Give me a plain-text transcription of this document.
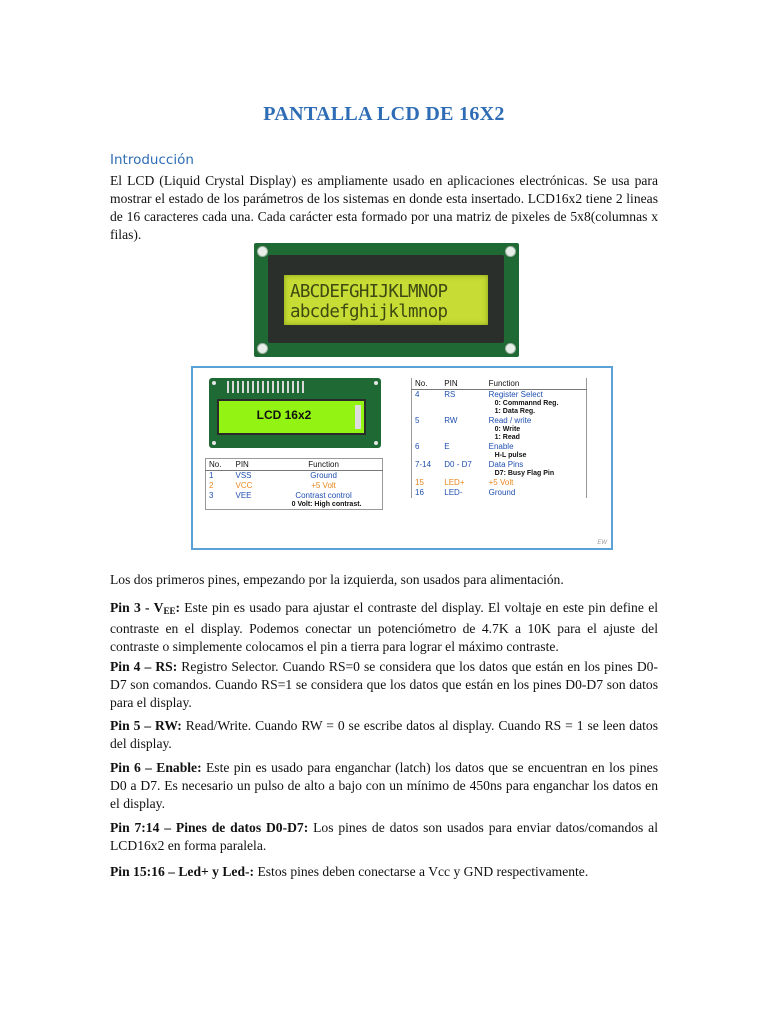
PANTALLA LCD DE 16X2
Introducción

El LCD (Liquid Crystal Display) es ampliamente usado en aplicaciones electrónicas. Se usa para mostrar el estado de los parámetros de los sistemas en donde esta insertado. LCD16x2 tiene 2 lineas de 16 caracteres cada una. Cada carácter esta formado por una matriz de pixeles de 5x8(columnas x filas).

ABCDEFGHIJKLMNOP
abcdefghijklmnop
LCD 16x2
No.	PIN	Function
1	VSS	Ground
2	VCC	+5 Volt
3	VEE	Contrast control
0 Volt: High contrast.
No.	PIN	Function
4	RS	Register Select
0: Commannd Reg.
1: Data Reg.

5	RW	Read / write
0: Write
1: Read

6	E	Enable
H-L pulse

7-14	D0 - D7	Data Pins
D7: Busy Flag Pin

15	LED+	+5 Volt
16	LED-	Ground
EW

Los dos primeros pines, empezando por la izquierda, son usados para alimentación.

Pin $3 - V_{EE}$: Este pin es usado para ajustar el contraste del display. El voltaje en este pin define el contraste en el display. Podemos conectar un potenciómetro de 4.7K a 10K para el ajuste del contraste o simplemente colocamos el pin a tierra para lograr el máximo contraste.

Pin 4 – RS: Registro Selector. Cuando RS=0 se considera que los datos que están en los pines D0-D7 son comandos. Cuando RS=1 se considera que los datos que están en los pines D0-D7 son datos para el display.

Pin 5 – RW: Read/Write. Cuando RW = 0 se escribe datos al display. Cuando RS = 1 se leen datos del display.

Pin 6 – Enable: Este pin es usado para enganchar (latch) los datos que se encuentran en los pines D0 a D7. Es necesario un pulso de alto a bajo con un mínimo de 450ns para enganchar los datos en el display.

Pin 7:14 – Pines de datos D0-D7: Los pines de datos son usados para enviar datos/comandos al LCD16x2 en forma paralela.

Pin 15:16 – Led+ y Led-: Estos pines deben conectarse a Vcc y GND respectivamente.
